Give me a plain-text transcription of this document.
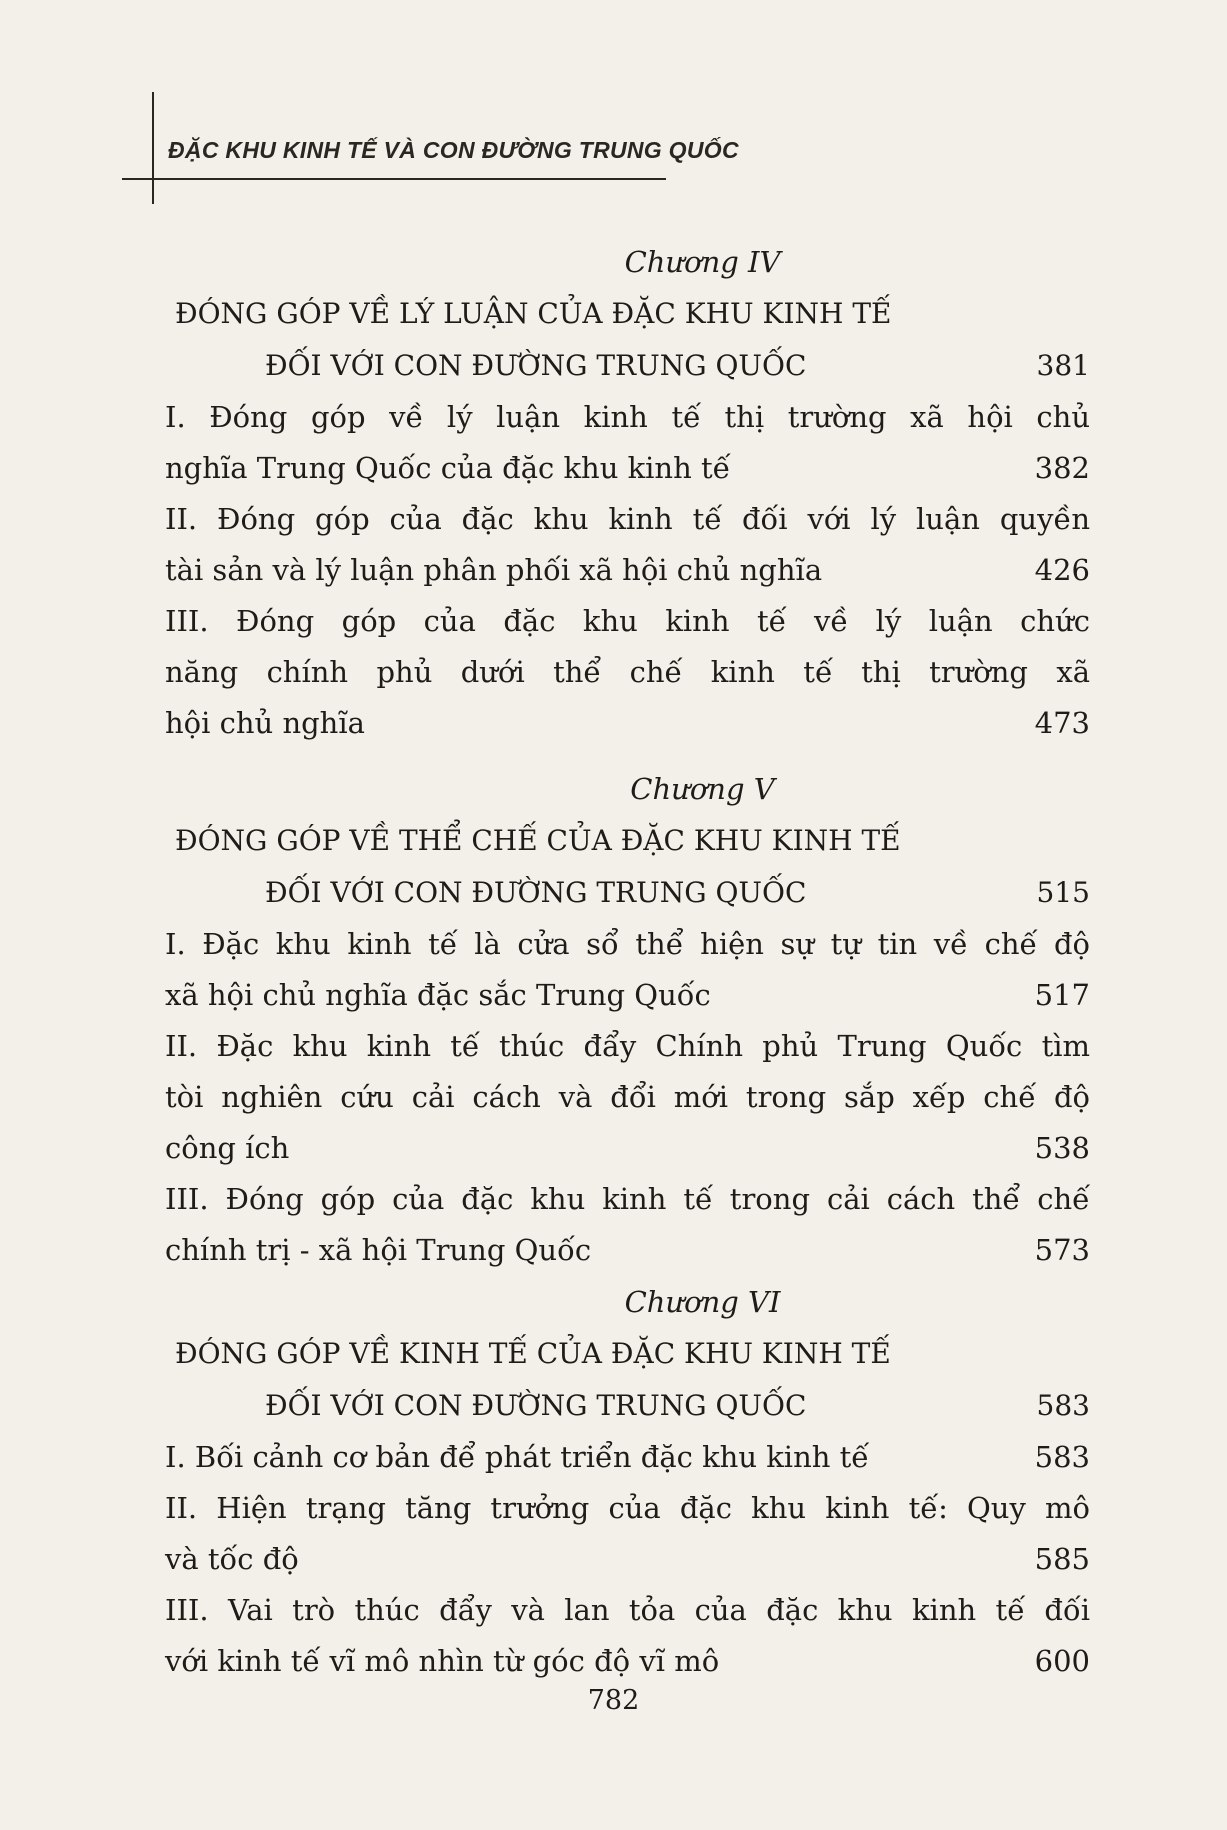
ĐẶC KHU KINH TẾ VÀ CON ĐƯỜNG TRUNG QUỐC
Chương IV
ĐÓNG GÓP VỀ LÝ LUẬN CỦA ĐẶC KHU KINH TẾ
ĐỐI VỚI CON ĐƯỜNG TRUNG QUỐC	381
I. Đóng góp về lý luận kinh tế thị trường xã hội chủ
nghĩa Trung Quốc của đặc khu kinh tế	382
II. Đóng góp của đặc khu kinh tế đối với lý luận quyền
tài sản và lý luận phân phối xã hội chủ nghĩa	426
III. Đóng góp của đặc khu kinh tế về lý luận chức
năng chính phủ dưới thể chế kinh tế thị trường xã
hội chủ nghĩa	473
Chương V
ĐÓNG GÓP VỀ THỂ CHẾ CỦA ĐẶC KHU KINH TẾ
ĐỐI VỚI CON ĐƯỜNG TRUNG QUỐC	515
I. Đặc khu kinh tế là cửa sổ thể hiện sự tự tin về chế độ
xã hội chủ nghĩa đặc sắc Trung Quốc	517
II. Đặc khu kinh tế thúc đẩy Chính phủ Trung Quốc tìm
tòi nghiên cứu cải cách và đổi mới trong sắp xếp chế độ
công ích	538
III. Đóng góp của đặc khu kinh tế trong cải cách thể chế
chính trị - xã hội Trung Quốc	573
Chương VI
ĐÓNG GÓP VỀ KINH TẾ CỦA ĐẶC KHU KINH TẾ
ĐỐI VỚI CON ĐƯỜNG TRUNG QUỐC	583
I. Bối cảnh cơ bản để phát triển đặc khu kinh tế	583
II. Hiện trạng tăng trưởng của đặc khu kinh tế: Quy mô
và tốc độ	585
III. Vai trò thúc đẩy và lan tỏa của đặc khu kinh tế đối
với kinh tế vĩ mô nhìn từ góc độ vĩ mô	600
782
